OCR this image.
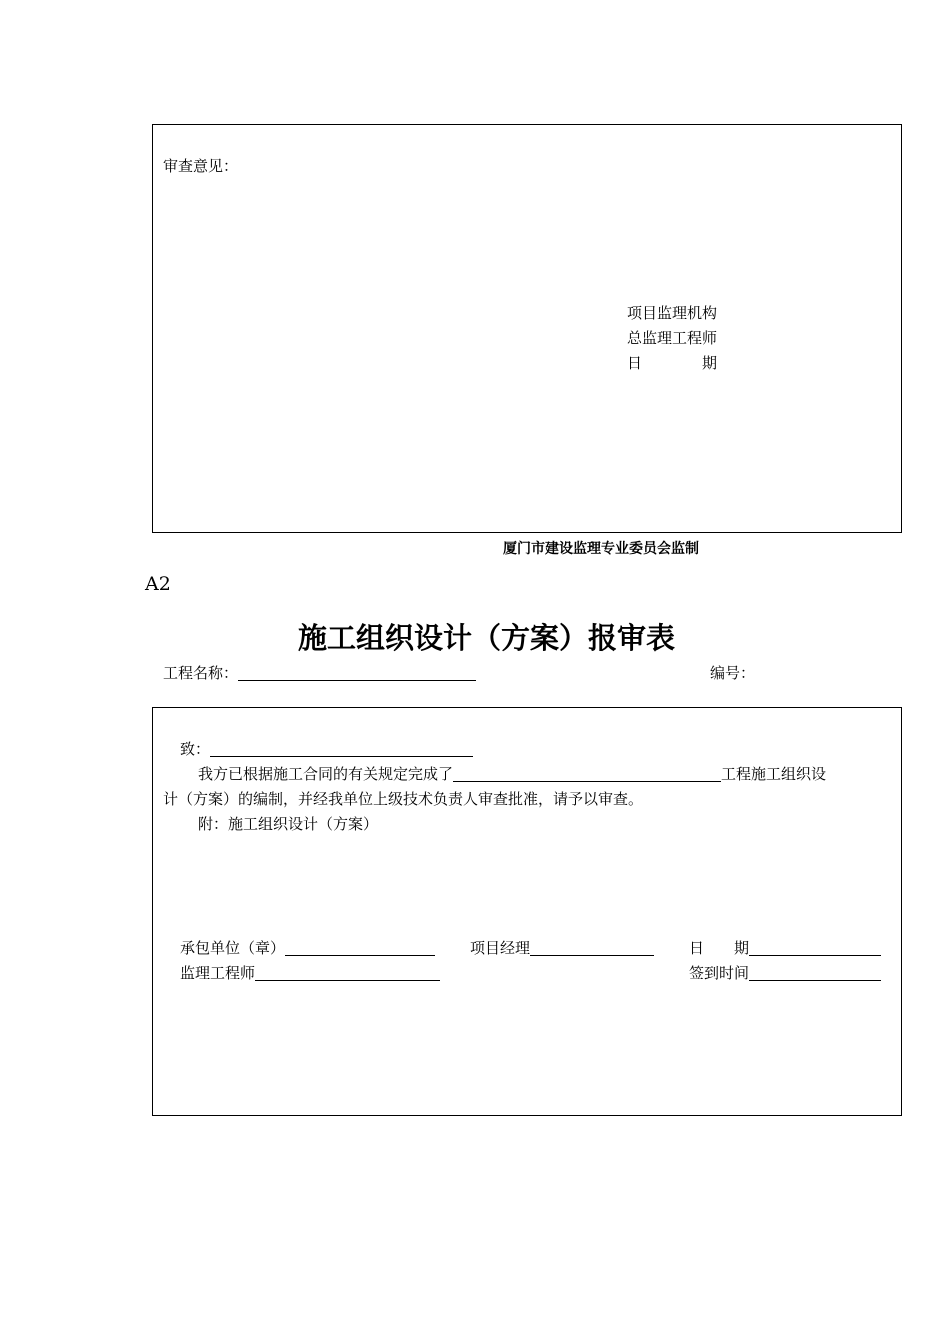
审查意见：
项目监理机构
总监理工程师
日　　　　期
厦门市建设监理专业委员会监制
A2
施工组织设计（方案）报审表
工程名称：	编号：
致：
我方已根据施工合同的有关规定完成了	工程施工组织设
计（方案）的编制，并经我单位上级技术负责人审查批准，请予以审查。
附：施工组织设计（方案）
承包单位（章）	项目经理	日　　期
监理工程师	签到时间
